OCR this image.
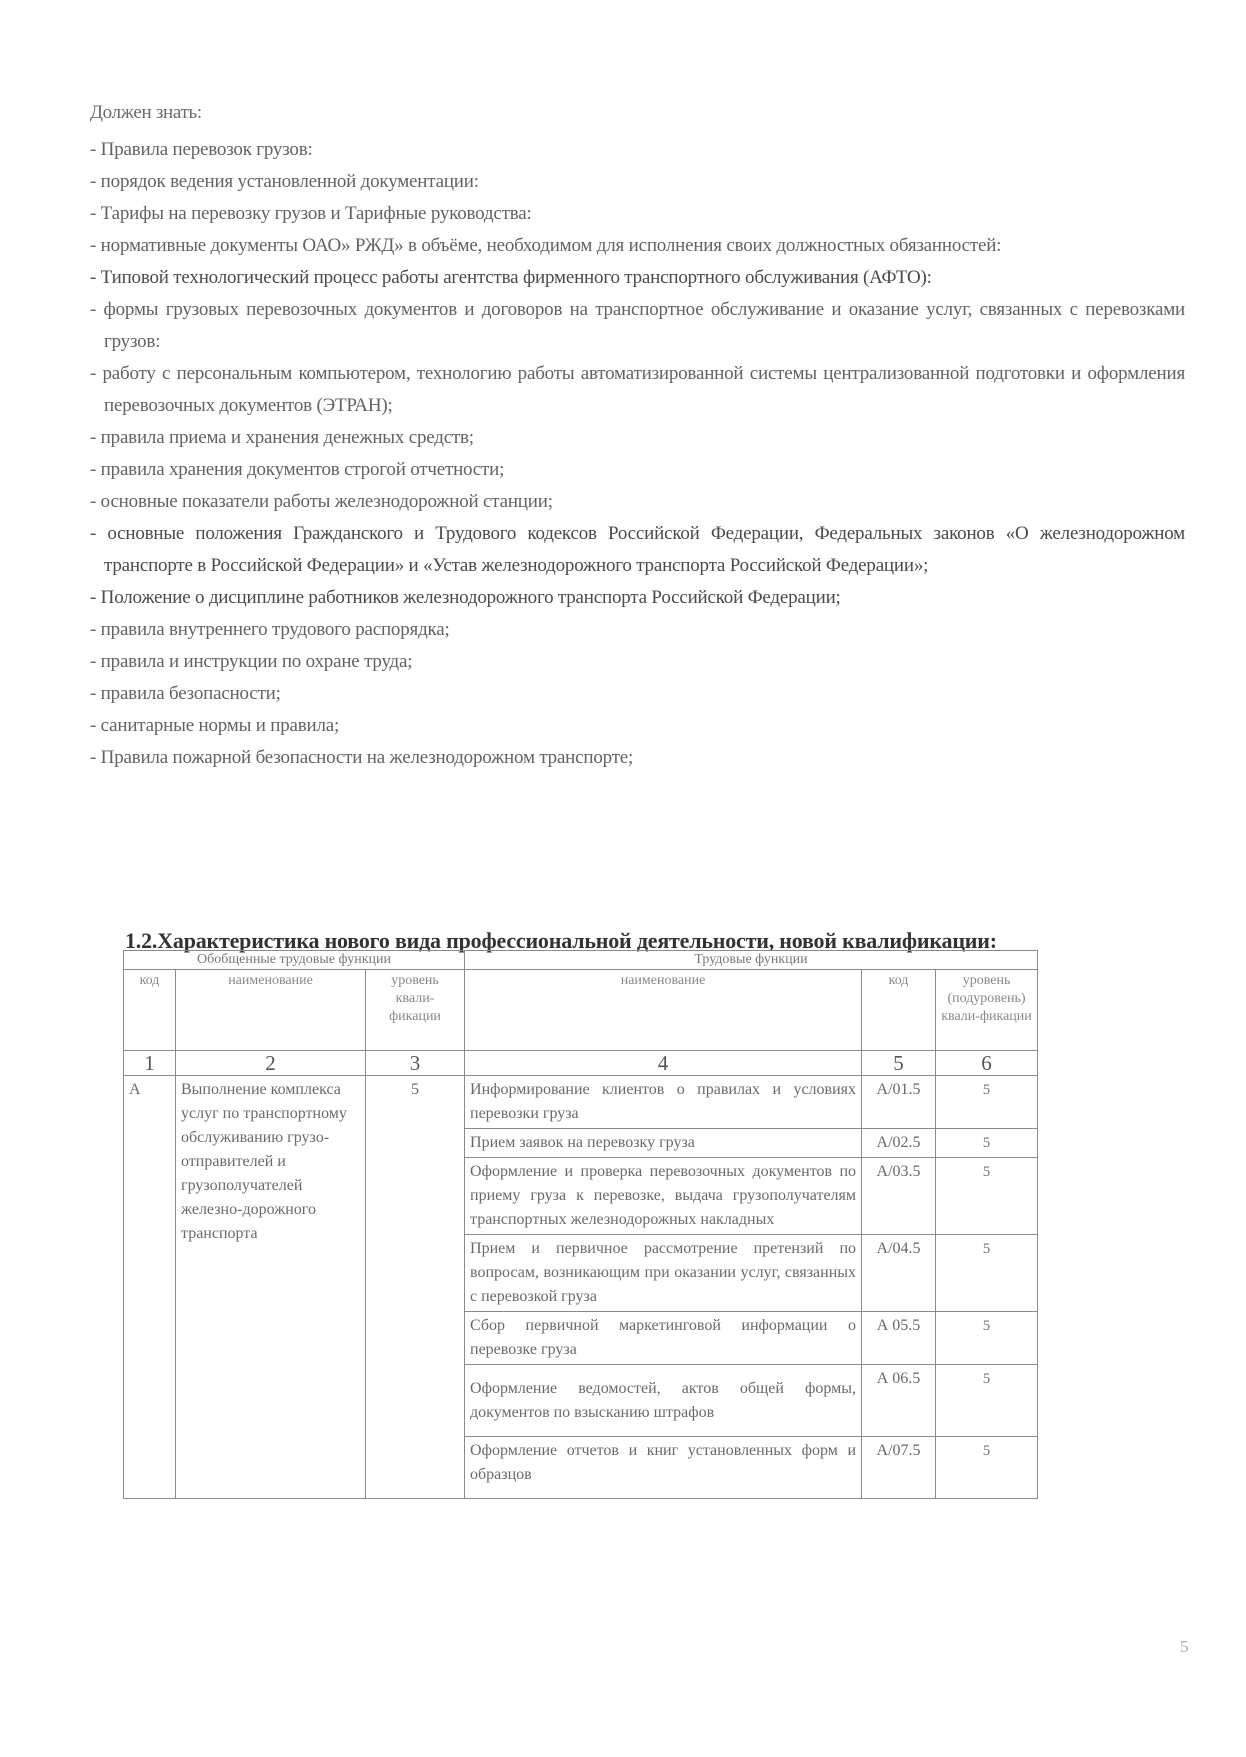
Должен знать:
- Правила перевозок грузов:
- порядок ведения установленной документации:
- Тарифы на перевозку грузов и Тарифные руководства:
- нормативные документы ОАО» РЖД» в объёме, необходимом для исполнения своих должностных обязанностей:
- Типовой технологический процесс работы агентства фирменного транспортного обслуживания (АФТО):
- формы грузовых перевозочных документов и договоров на транспортное обслуживание и оказание услуг, связанных с перевозками грузов:
- работу с персональным компьютером, технологию работы автоматизированной системы централизованной подготовки и оформления перевозочных документов (ЭТРАН);
- правила приема и хранения денежных средств;
- правила хранения документов строгой отчетности;
- основные показатели работы железнодорожной станции;
- основные положения Гражданского и Трудового кодексов Российской Федерации, Федеральных законов «О железнодорожном транспорте в Российской Федерации» и «Устав железнодорожного транспорта Российской Федерации»;
- Положение о дисциплине работников железнодорожного транспорта Российской Федерации;
- правила внутреннего трудового распорядка;
- правила и инструкции по охране труда;
- правила безопасности;
- санитарные нормы и правила;
- Правила пожарной безопасности на железнодорожном транспорте;
1.2.Характеристика нового вида профессиональной деятельности, новой квалификации:
Обобщенные трудовые функции			Трудовые функции		
код	наименование	уровень квали-фикации	наименование	код	уровень (подуровень) квали-фикации
1	2	3	4	5	6
А	Выполнение комплекса услуг по транспортному обслуживанию грузо-отправителей и грузополучателей железно-дорожного транспорта	5	Информирование клиентов о правилах и условиях перевозки груза	А/01.5	5
			Прием заявок на перевозку груза	А/02.5	5
			Оформление и проверка перевозочных документов по приему груза к перевозке, выдача грузополучателям транспортных железнодорожных накладных	А/03.5	5
			Прием и первичное рассмотрение претензий по вопросам, возникающим при оказании услуг, связанных с перевозкой груза	А/04.5	5
			Сбор первичной маркетинговой информации о перевозке груза	А 05.5	5
			Оформление ведомостей, актов общей формы, документов по взысканию штрафов	А 06.5	5
			Оформление отчетов и книг установленных форм и образцов	А/07.5	5
5
